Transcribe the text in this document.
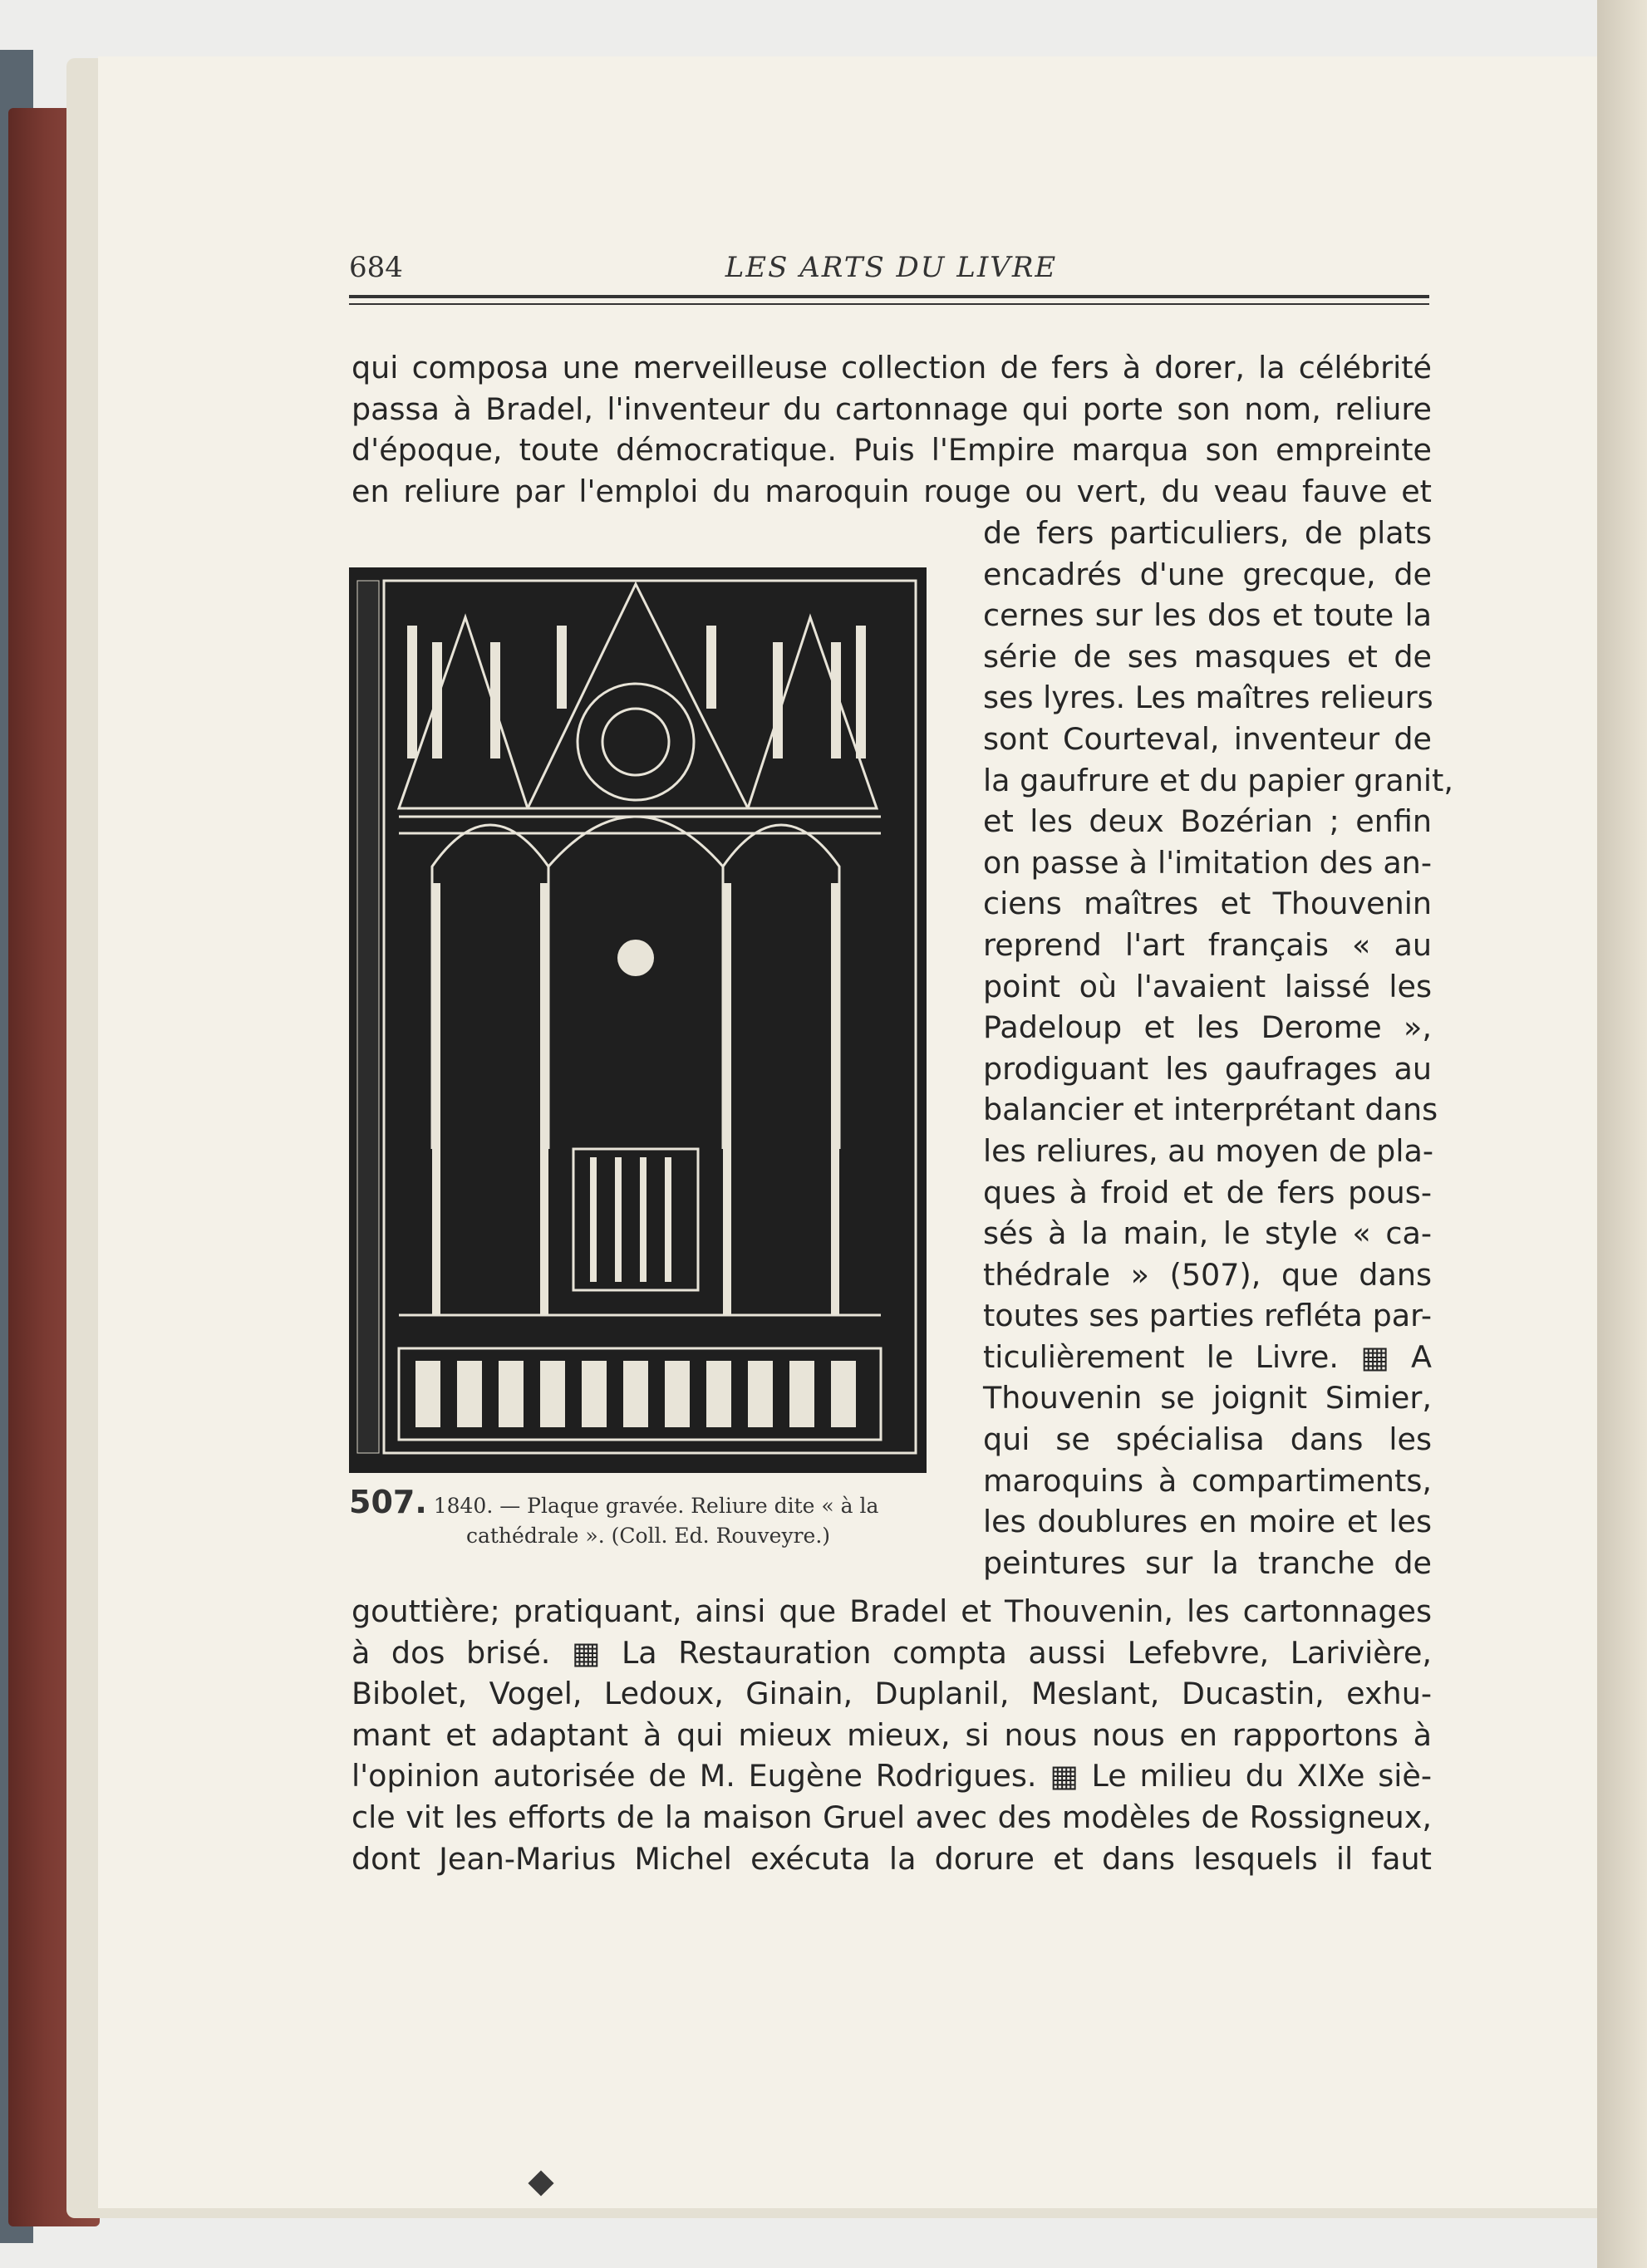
684	LES ARTS DU LIVRE
qui composa une merveilleuse collection de fers à dorer, la célébrité
passa à Bradel, l'inventeur du cartonnage qui porte son nom, reliure
d'époque, toute démocratique. Puis l'Empire marqua son empreinte
en reliure par l'emploi du maroquin rouge ou vert, du veau fauve et
de fers particuliers, de plats
encadrés d'une grecque, de
cernes sur les dos et toute la
série de ses masques et de
ses lyres. Les maîtres relieurs
sont Courteval, inventeur de
la gaufrure et du papier granit,
et les deux Bozérian ; enfin
on passe à l'imitation des an-
ciens maîtres et Thouvenin
reprend l'art français « au
point où l'avaient laissé les
Padeloup et les Derome »,
prodiguant les gaufrages au
balancier et interprétant dans
les reliures, au moyen de pla-
ques à froid et de fers pous-
sés à la main, le style « ca-
thédrale » (507), que dans
toutes ses parties refléta par-
ticulièrement le Livre. ▦ A
Thouvenin se joignit Simier,
qui se spécialisa dans les
maroquins à compartiments,
les doublures en moire et les
peintures sur la tranche de
gouttière; pratiquant, ainsi que Bradel et Thouvenin, les cartonnages
à dos brisé. ▦ La Restauration compta aussi Lefebvre, Larivière,
Bibolet, Vogel, Ledoux, Ginain, Duplanil, Meslant, Ducastin, exhu-
mant et adaptant à qui mieux mieux, si nous nous en rapportons à
l'opinion autorisée de M. Eugène Rodrigues. ▦ Le milieu du XIXe siè-
cle vit les efforts de la maison Gruel avec des modèles de Rossigneux,
dont Jean-Marius Michel exécuta la dorure et dans lesquels il faut
507. 1840. — Plaque gravée. Reliure dite « à la
cathédrale ». (Coll. Ed. Rouveyre.)
